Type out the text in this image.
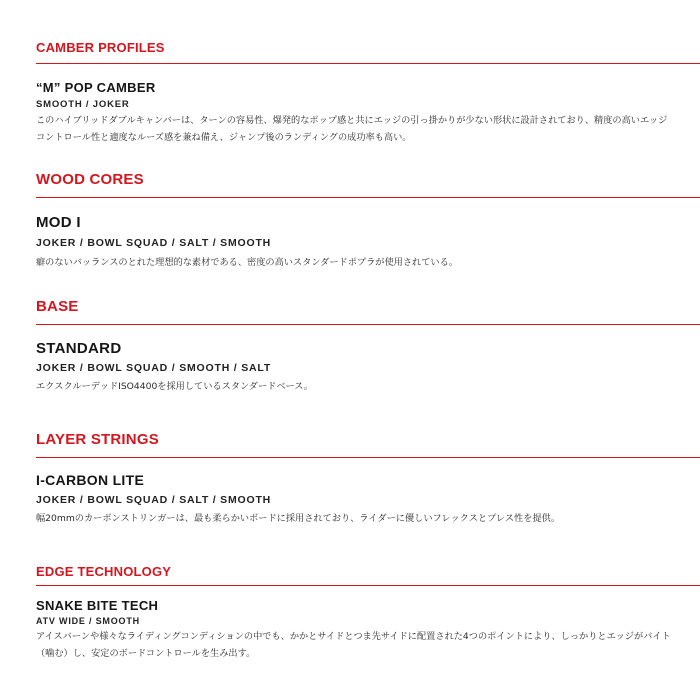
CAMBER PROFILES
“M” POP CAMBER
SMOOTH / JOKER
このハイブリッドダブルキャンバーは、ターンの容易性、爆発的なポップ感と共にエッジの引っ掛かりが少ない形状に設計されており、精度の高いエッジコントロール性と適度なルーズ感を兼ね備え、ジャンプ後のランディングの成功率も高い。
WOOD CORES
MOD I
JOKER / BOWL SQUAD / SALT / SMOOTH
癖のないバッランスのとれた理想的な素材である、密度の高いスタンダードポプラが使用されている。
BASE
STANDARD
JOKER / BOWL SQUAD / SMOOTH / SALT
エクスクルーデッドISO4400を採用しているスタンダードベース。
LAYER STRINGS
I-CARBON LITE
JOKER / BOWL SQUAD / SALT / SMOOTH
幅20mmのカーボンストリンガーは、最も柔らかいボードに採用されており、ライダーに優しいフレックスとプレス性を提供。
EDGE TECHNOLOGY
SNAKE BITE TECH
ATV WIDE / SMOOTH
アイスバーンや様々なライディングコンディションの中でも、かかとサイドとつま先サイドに配置された4つのポイントにより、しっかりとエッジがバイト（噛む）し、安定のボードコントロールを生み出す。
